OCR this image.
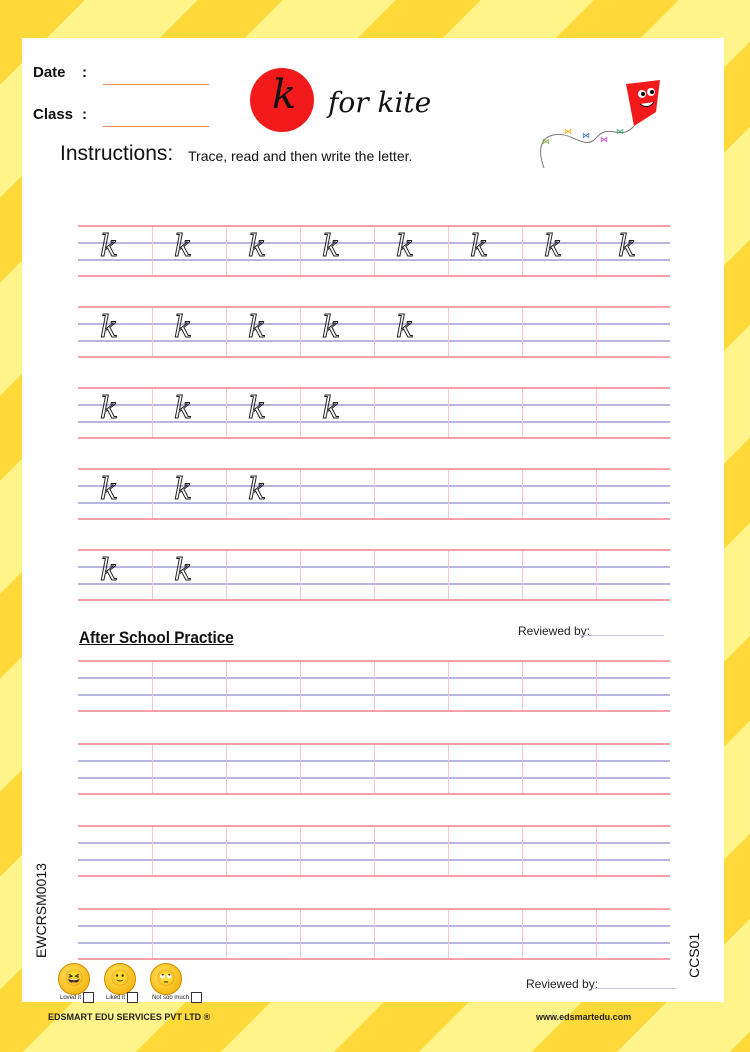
Date :
Class :	k for kite
⋈
⋈
⋈
⋈
⋈
Instructions: Trace, read and then write the letter.
k k k k k k k k
k k k k k
k k k k
k k k
k k
After School Practice	Reviewed by:
EWCRSM0013	CCS01
😆
Loved it
🙂
Liked it
🙄
Not soo much
Reviewed by:
EDSMART EDU SERVICES PVT LTD ®	www.edsmartedu.com
